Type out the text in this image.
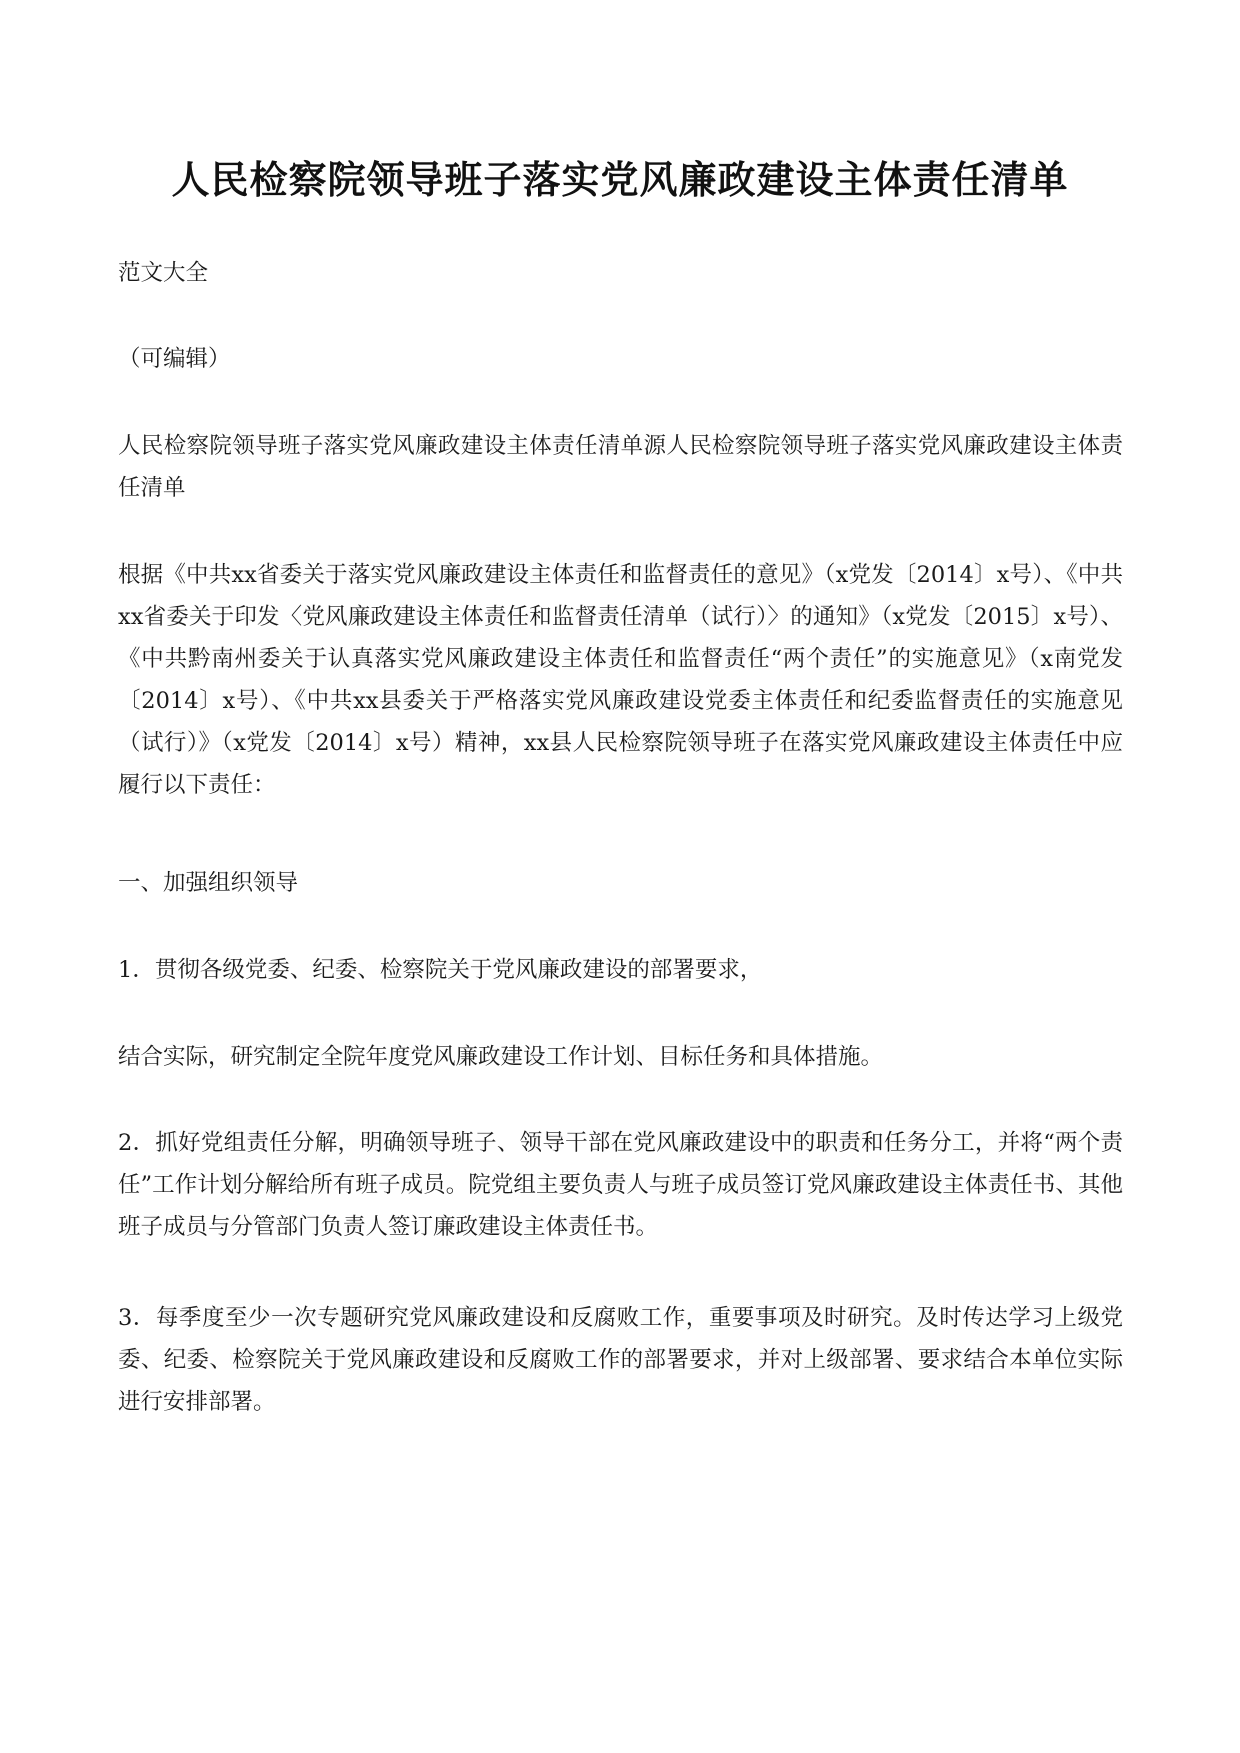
人民检察院领导班子落实党风廉政建设主体责任清单

范文大全

（可编辑）

人民检察院领导班子落实党风廉政建设主体责任清单源人民检察院领导班子落实党风廉政建设主体责任清单

根据《中共xx省委关于落实党风廉政建设主体责任和监督责任的意见》（x党发〔2014〕x号）、《中共xx省委关于印发〈党风廉政建设主体责任和监督责任清单（试行）〉的通知》（x党发〔2015〕x号）、《中共黔南州委关于认真落实党风廉政建设主体责任和监督责任“两个责任”的实施意见》（x南党发〔2014〕x号）、《中共xx县委关于严格落实党风廉政建设党委主体责任和纪委监督责任的实施意见（试行）》（x党发〔2014〕x号）精神，xx县人民检察院领导班子在落实党风廉政建设主体责任中应履行以下责任：

一、加强组织领导

1．贯彻各级党委、纪委、检察院关于党风廉政建设的部署要求，

结合实际，研究制定全院年度党风廉政建设工作计划、目标任务和具体措施。

2．抓好党组责任分解，明确领导班子、领导干部在党风廉政建设中的职责和任务分工，并将“两个责任”工作计划分解给所有班子成员。院党组主要负责人与班子成员签订党风廉政建设主体责任书、其他班子成员与分管部门负责人签订廉政建设主体责任书。

3．每季度至少一次专题研究党风廉政建设和反腐败工作，重要事项及时研究。及时传达学习上级党委、纪委、检察院关于党风廉政建设和反腐败工作的部署要求，并对上级部署、要求结合本单位实际进行安排部署。
